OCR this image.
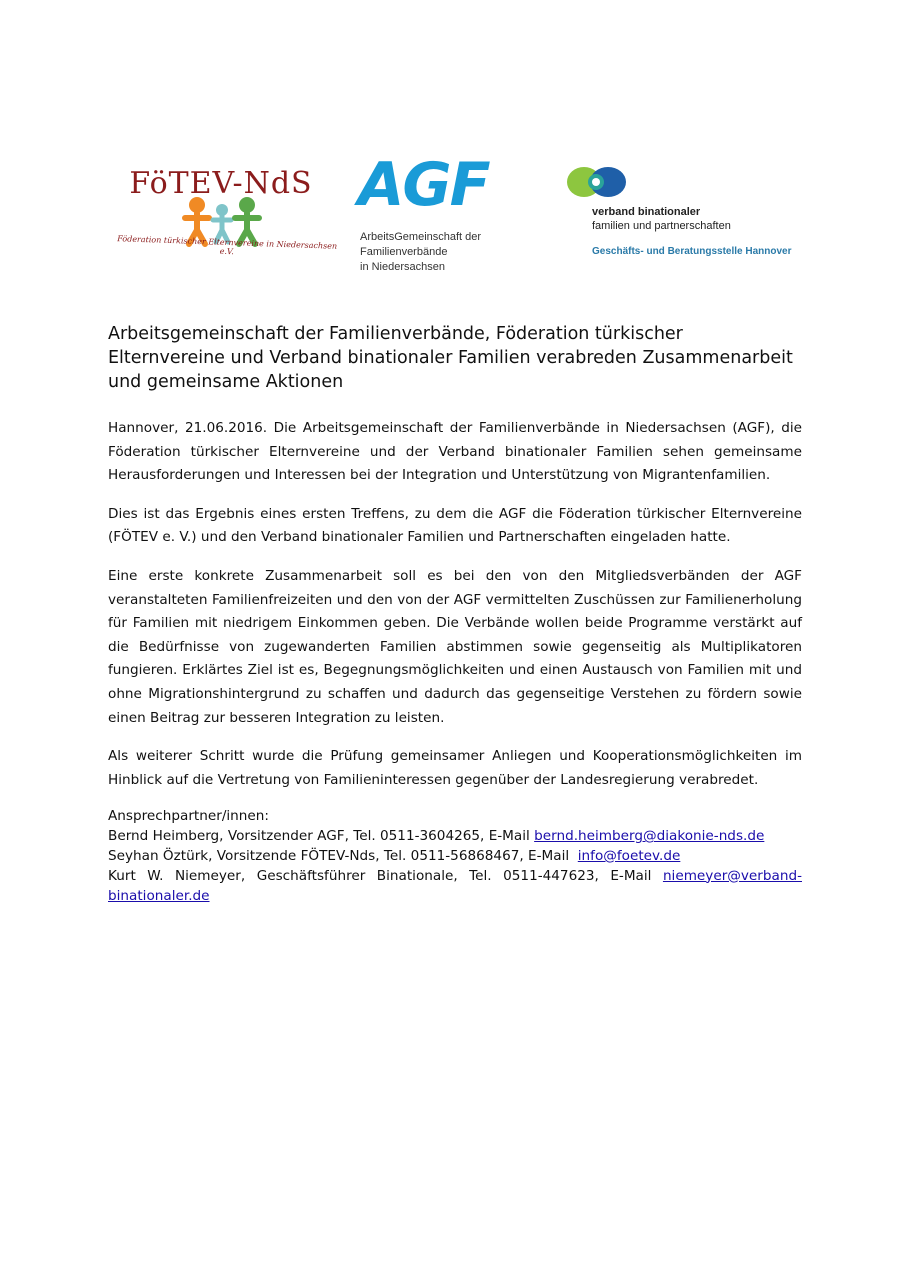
FöTEV-NdS
Föderation türkischer Elternvereine in Niedersachsen e.V.
AGF
ArbeitsGemeinschaft der Familienverbände
in Niedersachsen
verband binationaler
familien und partnerschaften
Geschäfts- und Beratungsstelle Hannover
Arbeitsgemeinschaft der Familienverbände, Föderation türkischer Elternvereine und Verband binationaler Familien verabreden Zusammenarbeit und gemeinsame Aktionen

Hannover, 21.06.2016. Die Arbeitsgemeinschaft der Familienverbände in Niedersachsen (AGF), die Föderation türkischer Elternvereine und der Verband binationaler Familien sehen gemeinsame Herausforderungen und Interessen bei der Integration und Unterstützung von Migrantenfamilien.

Dies ist das Ergebnis eines ersten Treffens, zu dem die AGF die Föderation türkischer Elternvereine (FÖTEV e. V.) und den Verband binationaler Familien und Partnerschaften eingeladen hatte.

Eine erste konkrete Zusammenarbeit soll es bei den von den Mitgliedsverbänden der AGF veranstalteten Familienfreizeiten und den von der AGF vermittelten Zuschüssen zur Familienerholung für Familien mit niedrigem Einkommen geben. Die Verbände wollen beide Programme verstärkt auf die Bedürfnisse von zugewanderten Familien abstimmen sowie gegenseitig als Multiplikatoren fungieren. Erklärtes Ziel ist es, Begegnungsmöglichkeiten und einen Austausch von Familien mit und ohne Migrationshintergrund zu schaffen und dadurch das gegenseitige Verstehen zu fördern sowie einen Beitrag zur besseren Integration zu leisten.

Als weiterer Schritt wurde die Prüfung gemeinsamer Anliegen und Kooperationsmöglichkeiten im Hinblick auf die Vertretung von Familieninteressen gegenüber der Landesregierung verabredet.

Ansprechpartner/innen:
Bernd Heimberg, Vorsitzender AGF, Tel. 0511-3604265, E-Mail bernd.heimberg@diakonie-nds.de
Seyhan Öztürk, Vorsitzende FÖTEV-Nds, Tel. 0511-56868467, E-Mail  info@foetev.de
Kurt W. Niemeyer, Geschäftsführer Binationale, Tel. 0511-447623, E-Mail niemeyer@verband-binationaler.de
